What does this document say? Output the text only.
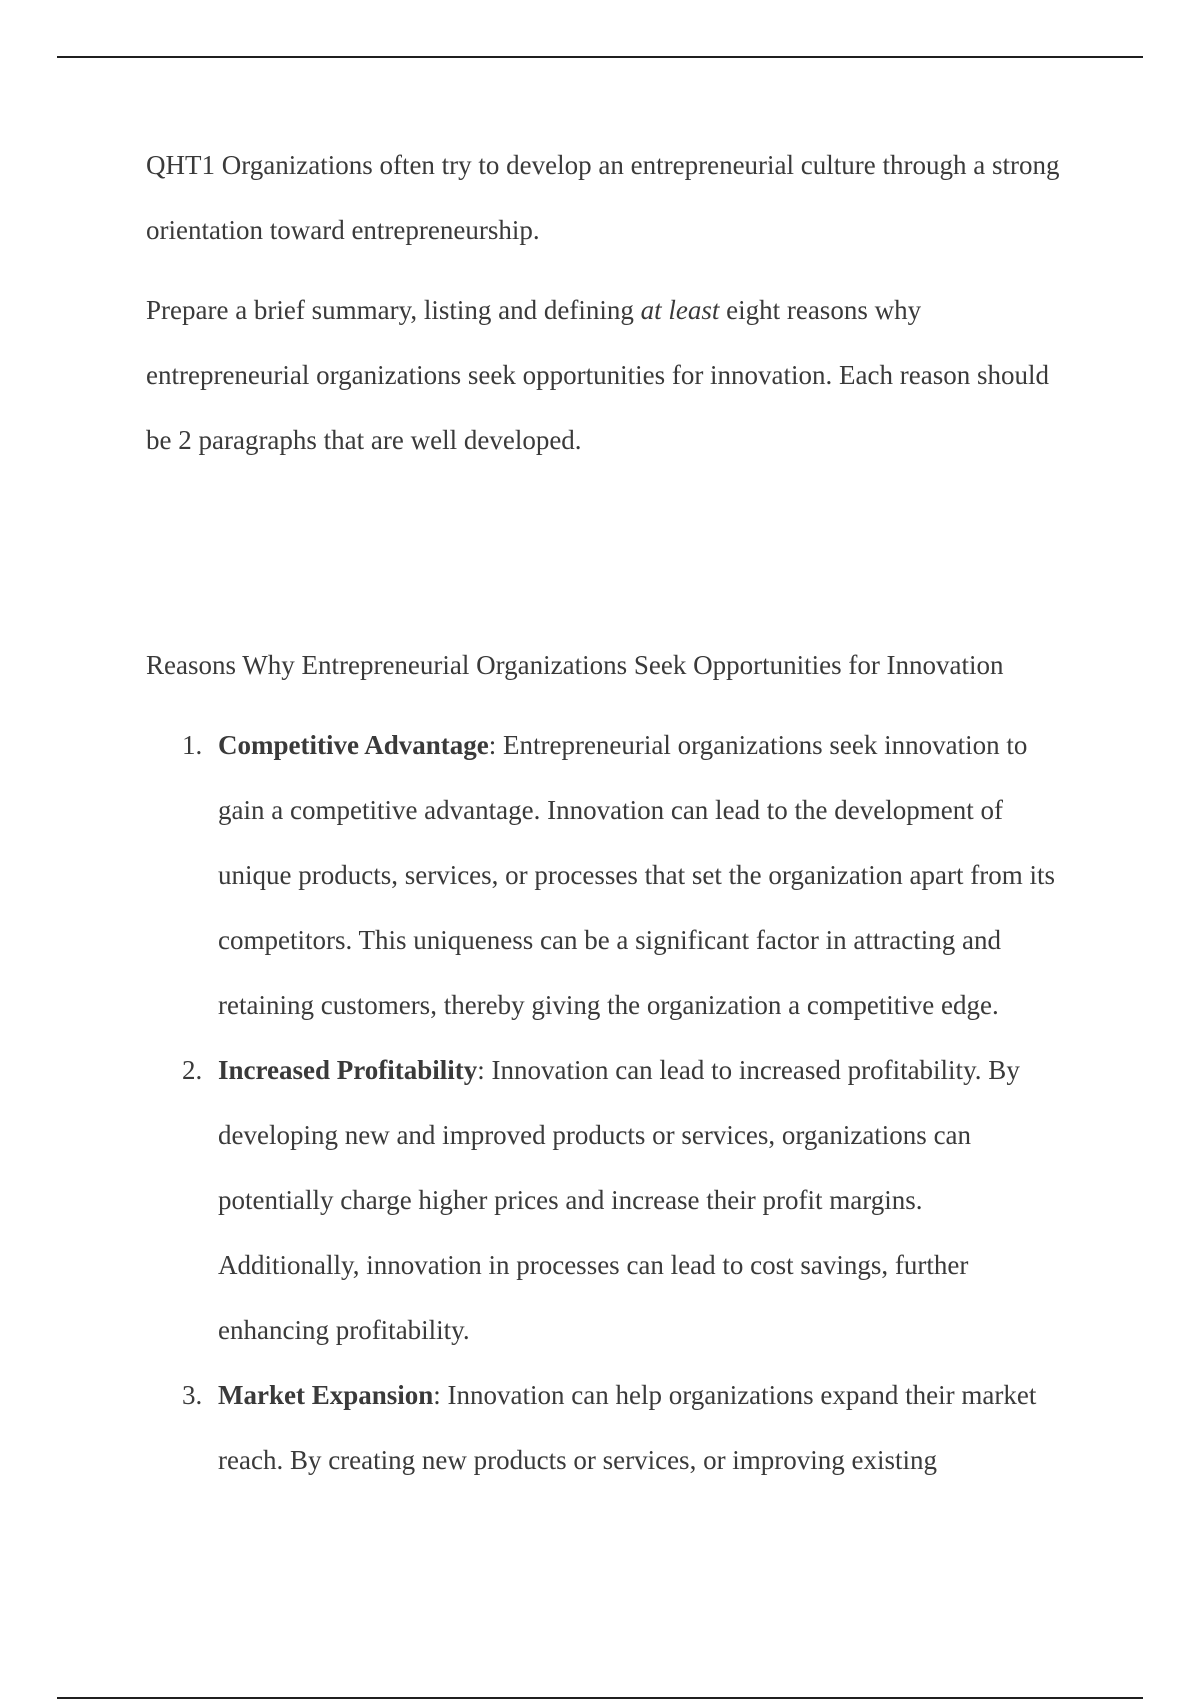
QHT1 Organizations often try to develop an entrepreneurial culture through a strong orientation toward entrepreneurship.

Prepare a brief summary, listing and defining at least eight reasons why entrepreneurial organizations seek opportunities for innovation. Each reason should be 2 paragraphs that are well developed.

Reasons Why Entrepreneurial Organizations Seek Opportunities for Innovation

1. Competitive Advantage: Entrepreneurial organizations seek innovation to gain a competitive advantage. Innovation can lead to the development of unique products, services, or processes that set the organization apart from its competitors. This uniqueness can be a significant factor in attracting and retaining customers, thereby giving the organization a competitive edge.
2. Increased Profitability: Innovation can lead to increased profitability. By developing new and improved products or services, organizations can potentially charge higher prices and increase their profit margins. Additionally, innovation in processes can lead to cost savings, further enhancing profitability.
3. Market Expansion: Innovation can help organizations expand their market reach. By creating new products or services, or improving existing
